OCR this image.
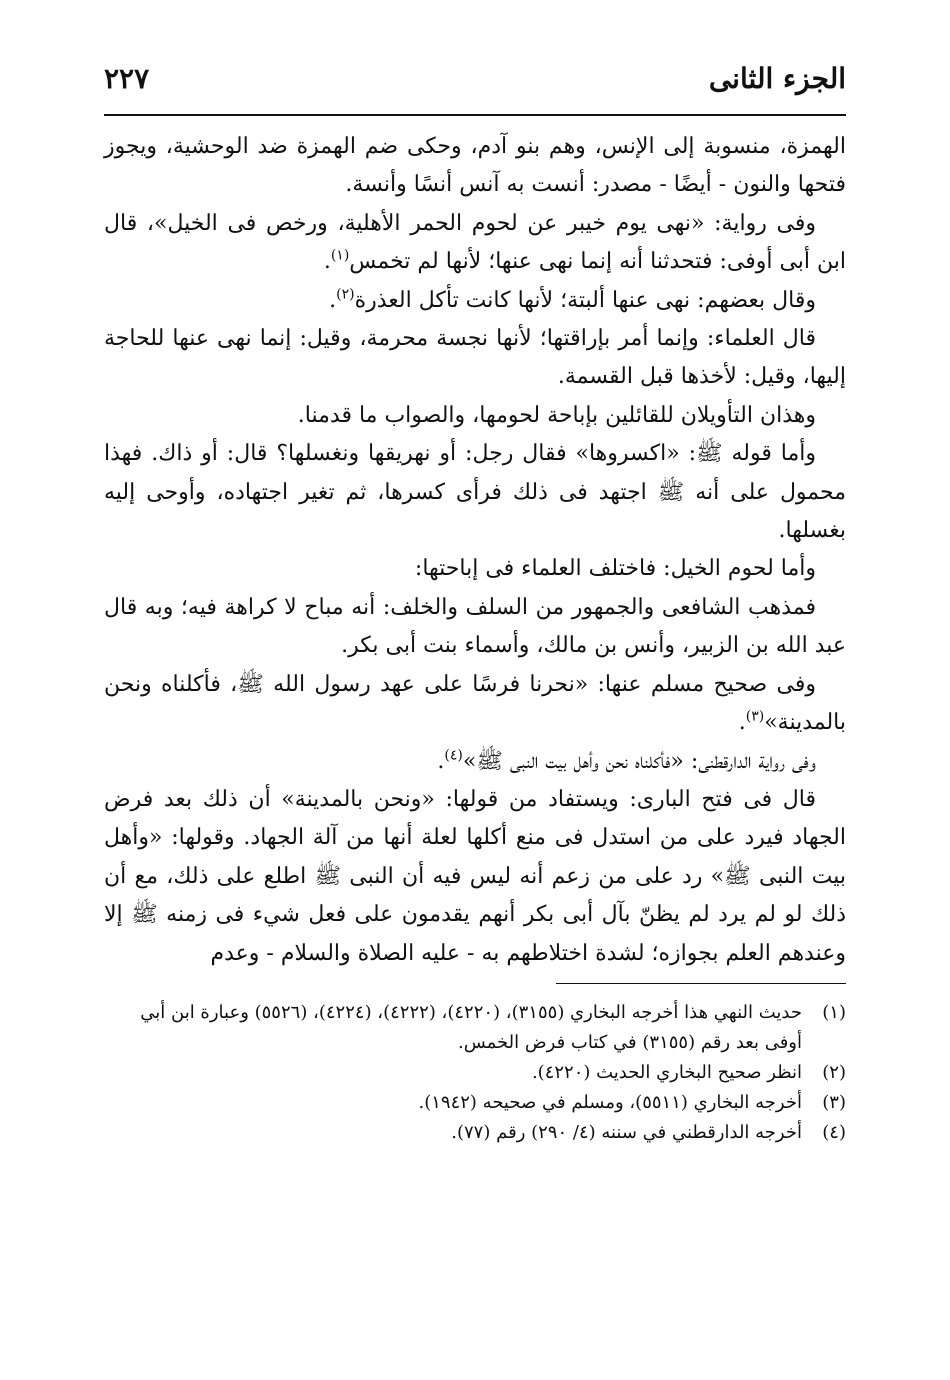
الجزء الثانى
٢٢٧

الهمزة، منسوبة إلى الإنس، وهم بنو آدم، وحكى ضم الهمزة ضد الوحشية، ويجوز فتحها والنون - أيضًا - مصدر: أنست به آنس أنسًا وأنسة.

وفى رواية: «نهى يوم خيبر عن لحوم الحمر الأهلية، ورخص فى الخيل»، قال ابن أبى أوفى: فتحدثنا أنه إنما نهى عنها؛ لأنها لم تخمس$^{(١)}$.

وقال بعضهم: نهى عنها ألبتة؛ لأنها كانت تأكل العذرة$^{(٢)}$.

قال العلماء: وإنما أمر بإراقتها؛ لأنها نجسة محرمة، وقيل: إنما نهى عنها للحاجة إليها، وقيل: لأخذها قبل القسمة.

وهذان التأويلان للقائلين بإباحة لحومها، والصواب ما قدمنا.

وأما قوله ﷺ: «اكسروها» فقال رجل: أو نهريقها ونغسلها؟ قال: أو ذاك. فهذا محمول على أنه ﷺ اجتهد فى ذلك فرأى كسرها، ثم تغير اجتهاده، وأوحى إليه بغسلها.

وأما لحوم الخيل: فاختلف العلماء فى إباحتها:

فمذهب الشافعى والجمهور من السلف والخلف: أنه مباح لا كراهة فيه؛ وبه قال عبد الله بن الزبير، وأنس بن مالك، وأسماء بنت أبى بكر.

وفى صحيح مسلم عنها: «نحرنا فرسًا على عهد رسول الله ﷺ، فأكلناه ونحن بالمدينة»$^{(٣)}$.

وفى رواية الدارقطنى: «فأكلناه نحن وأهل بيت النبى ﷺ»$^{(٤)}$.

قال فى فتح البارى: ويستفاد من قولها: «ونحن بالمدينة» أن ذلك بعد فرض الجهاد فيرد على من استدل فى منع أكلها لعلة أنها من آلة الجهاد. وقولها: «وأهل بيت النبى ﷺ» رد على من زعم أنه ليس فيه أن النبى ﷺ اطلع على ذلك، مع أن ذلك لو لم يرد لم يظنّ بآل أبى بكر أنهم يقدمون على فعل شيء فى زمنه ﷺ إلا وعندهم العلم بجوازه؛ لشدة اختلاطهم به - عليه الصلاة والسلام - وعدم

(١)
حديث النهي هذا أخرجه البخاري (٣١٥٥)، (٤٢٢٠)، (٤٢٢٢)، (٤٢٢٤)، (٥٥٢٦) وعبارة ابن أبي أوفى بعد رقم (٣١٥٥) في كتاب فرض الخمس.
(٢)
انظر صحيح البخاري الحديث (٤٢٢٠).
(٣)
أخرجه البخاري (٥٥١١)، ومسلم في صحيحه (١٩٤٢).
(٤)
أخرجه الدارقطني في سننه (٤/ ٢٩٠) رقم (٧٧).
